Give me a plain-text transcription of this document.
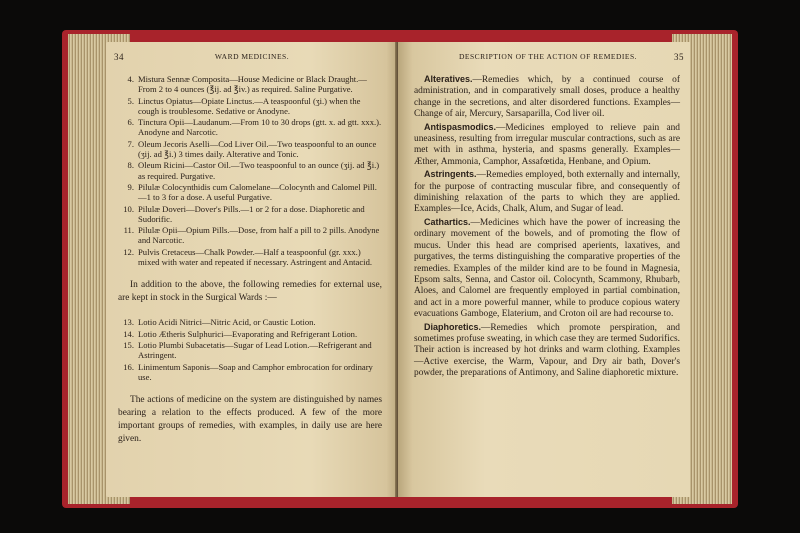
34	WARD MEDICINES.
4. Mistura Sennæ Composita—House Medicine or Black Draught.—From 2 to 4 ounces (℥ij. ad ℥iv.) as required. Saline Purgative.
5. Linctus Opiatus—Opiate Linctus.—A teaspoonful (ʒi.) when the cough is troublesome. Sedative or Anodyne.
6. Tinctura Opii—Laudanum.—From 10 to 30 drops (gtt. x. ad gtt. xxx.). Anodyne and Narcotic.
7. Oleum Jecoris Aselli—Cod Liver Oil.—Two teaspoonful to an ounce (ʒij. ad ℥i.) 3 times daily. Alterative and Tonic.
8. Oleum Ricini—Castor Oil.—Two teaspoonful to an ounce (ʒij. ad ℥i.) as required. Purgative.
9. Pilulæ Colocynthidis cum Calomelane—Colocynth and Calomel Pill.—1 to 3 for a dose. A useful Purgative.
10. Pilulæ Doveri—Dover's Pills.—1 or 2 for a dose. Diaphoretic and Sudorific.
11. Pilulæ Opii—Opium Pills.—Dose, from half a pill to 2 pills. Anodyne and Narcotic.
12. Pulvis Cretaceus—Chalk Powder.—Half a teaspoonful (gr. xxx.) mixed with water and repeated if necessary. Astringent and Antacid.

In addition to the above, the following remedies for external use, are kept in stock in the Surgical Wards :—

13. Lotio Acidi Nitrici—Nitric Acid, or Caustic Lotion.
14. Lotio Ætheris Sulphurici—Evaporating and Refrigerant Lotion.
15. Lotio Plumbi Subacetatis—Sugar of Lead Lotion.—Refrigerant and Astringent.
16. Linimentum Saponis—Soap and Camphor embrocation for ordinary use.

The actions of medicine on the system are distinguished by names bearing a relation to the effects produced. A few of the more important groups of remedies, with examples, in daily use are here given.

DESCRIPTION OF THE ACTION OF REMEDIES.	35

Alteratives.—Remedies which, by a continued course of administration, and in comparatively small doses, produce a healthy change in the secretions, and alter disordered functions. Examples—Change of air, Mercury, Sarsaparilla, Cod liver oil.

Antispasmodics.—Medicines employed to relieve pain and uneasiness, resulting from irregular muscular contractions, such as are met with in asthma, hysteria, and spasms generally. Examples—Æther, Ammonia, Camphor, Assafœtida, Henbane, and Opium.

Astringents.—Remedies employed, both externally and internally, for the purpose of contracting muscular fibre, and consequently of diminishing relaxation of the parts to which they are applied. Examples—Ice, Acids, Chalk, Alum, and Sugar of lead.

Cathartics.—Medicines which have the power of increasing the ordinary movement of the bowels, and of promoting the flow of mucus. Under this head are comprised aperients, laxatives, and purgatives, the terms distinguishing the comparative properties of the remedies. Examples of the milder kind are to be found in Magnesia, Epsom salts, Senna, and Castor oil. Colocynth, Scammony, Rhubarb, Aloes, and Calomel are frequently employed in partial combination, and act in a more powerful manner, while to produce copious watery evacuations Gamboge, Elaterium, and Croton oil are had recourse to.

Diaphoretics.—Remedies which promote perspiration, and sometimes profuse sweating, in which case they are termed Sudorifics. Their action is increased by hot drinks and warm clothing. Examples—Active exercise, the Warm, Vapour, and Dry air bath, Dover's powder, the preparations of Antimony, and Saline diaphoretic mixture.
